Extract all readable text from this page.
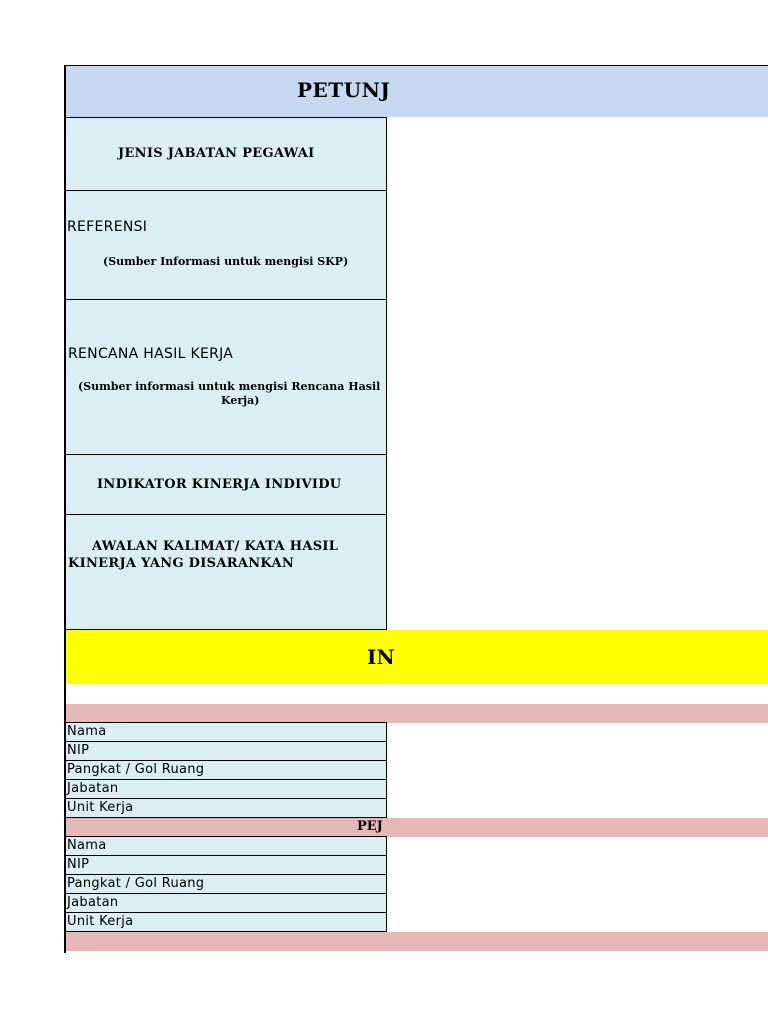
PETUNJ
JENIS JABATAN PEGAWAI
REFERENSI
(Sumber Informasi untuk mengisi SKP)
RENCANA HASIL KERJA
(Sumber informasi untuk mengisi Rencana Hasil
Kerja)
INDIKATOR KINERJA INDIVIDU
AWALAN KALIMAT/ KATA HASIL
KINERJA YANG DISARANKAN
IN
Nama
NIP
Pangkat / Gol Ruang
Jabatan
Unit Kerja
PEJ
Nama
NIP
Pangkat / Gol Ruang
Jabatan
Unit Kerja
